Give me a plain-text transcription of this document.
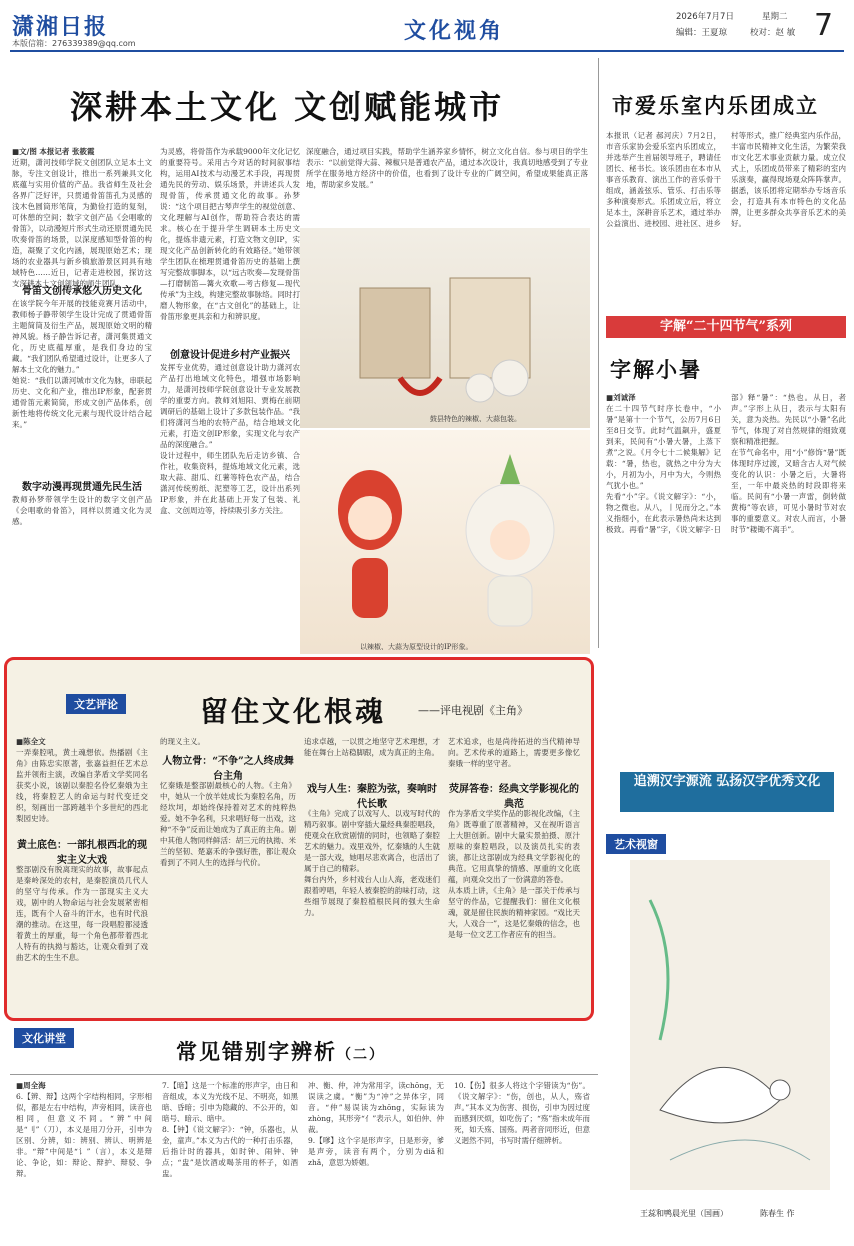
潇湘日报
本版信箱：276339389@qq.com	文化视角
2026年7月7日	星期二
编辑：王夏琼	校对：赵 敏 7
深耕本土文化 文创赋能城市
■文/图 本报记者 张筱霞
近期，潇河技师学院文创团队立足本土文脉，专注文创设计，推出一系列兼具文化底蕴与实用价值的产品。我省师生及社会各界广泛好评，只贯通骨笛笛孔为灵感的浅木色圆筒形笔筒，为勤俭打造的复刻，可休憩的空间；数字文创产品《会唱歌的骨笛》，以动漫短片形式生动还原贯通先民吹奏骨笛的场景，以深度感知型骨笛的构造，凝聚了文化内涵，展现原始艺术；现场的农业器具与新乡镇旅游景区同具有地域特色……近日，记者走进校园，探访这支深耕本土文创领域的师生团队。
骨笛文创传承悠久历史文化
在该学院今年开展的技能竞赛月活动中，教师杨子静带领学生设计完成了贯通骨笛主题简筒及衍生产品，展现原始文明的精神风貌。杨子静告诉记者，潇河集贯通文化，历史底蕴厚重，是我们身边的宝藏。“我们团队希望通过设计，让更多人了解本土文化的魅力。”
她说：“我们以潇河城市文化为脉，串联起历史、文化和产业，推出IP形象，配套贯通骨笛元素简筒，形成文创产品体系，创新性地将传统文化元素与现代设计结合起来。”
数字动漫再现贯通先民生活
教师孙梦带领学生设计的数字文创产品《会唱歌的骨笛》，同样以贯通文化为灵感。
为灵感，将骨笛作为承载9000年文化记忆的重要符号。采用古今对话的时间叙事结构，运用AI技术与动漫艺术手段，再现贯通先民的劳动、娱乐场景，并讲述兵人发现骨笛，传承贯通文化的故事。孙梦说：“这个项目把古琴声学生的视觉创意、文化理解与AI创作，帮助符合表达的需求。核心在于提升学生调研本土历史文化，提炼非遗元素，打造文物文创IP，实现文化产品创新转化的有效路径。”她带领学生团队在梳理贯通骨笛历史的基础上撰写完整故事脚本，以“远古吹奏—发现骨笛—打磨制笛—篝火欢歌—考古修复—现代传承”为主线，构建完整故事脉络。同时打磨人物形象，在“古文创化”的基础上，让骨笛形象更具亲和力和辨识度。
创意设计促进乡村产业振兴
发挥专业优势，通过创意设计助力潇河农产品打出地域文化特色，增强市场影响力，是潇河技师学院创意设计专业发展教学的重要方向。教师刘旭阳、贾梅在前期调研后的基础上设计了多款包装作品。“我们将潇河当地的农特产品，结合地域文化元素，打造文创IP形象，实现文化与农产品的深度融合。”
设计过程中，师生团队先后走访乡镇、合作社，收集资料，提炼地域文化元素，选取大蒜、甜瓜、红薯等特色农产品，结合潇河传统剪纸、泥塑等工艺，设计出系列IP形象，并在此基础上开发了包装、礼盒、文创周边等，持续吸引多方关注。
深度融合，通过项目实践，帮助学生涵养家乡情怀，树立文化自信。参与项目的学生表示：“以前觉得大蒜、辣椒只是普通农产品，通过本次设计，我真切地感受到了专业所学在服务地方经济中的价值，也看到了设计专业的广阔空间，希望成果能真正落地，帮助家乡发展。”
鼓县特色的辣椒、大蒜包装。
以辣椒、大蒜为原型设计的IP形象。
市爱乐室内乐团成立
本报讯（记者 郝河庆）7月2日，市音乐家协会爱乐室内乐团成立，并选举产生首届领导班子，聘请任团长、秘书长。该乐团由在本市从事音乐教育、演出工作的音乐骨干组成，涵盖弦乐、管乐、打击乐等多种演奏形式。乐团成立后，将立足本土，深耕音乐艺术，通过举办公益演出、进校园、进社区、进乡村等形式，推广经典室内乐作品，丰富市民精神文化生活，为繁荣我市文化艺术事业贡献力量。成立仪式上，乐团成员带来了精彩的室内乐演奏，赢得现场观众阵阵掌声。据悉，该乐团将定期举办专场音乐会，打造具有本市特色的文化品牌，让更多群众共享音乐艺术的美好。
字解“二十四节气”系列
字解小暑
■刘诚泽
在二十四节气时序长卷中，“小暑”是第十一个节气，公历7月6日至8日交节。此时气温飙升，盛夏到来，民间有“小暑大暑，上蒸下煮”之说。《月令七十二候集解》记载：“暑，热也，就热之中分为大小，月初为小，月中为大，今则热气犹小也。”
先看“小”字。《说文解字》：“小，物之微也。从八，丨见而分之。”本义指细小，在此表示暑热尚未达到极致。再看“暑”字，《说文解字·日部》释“暑”：“热也。从日，者声。”字形上从日，表示与太阳有关，意为炎热。先民以“小暑”名此节气，体现了对自然规律的细致观察和精准把握。
在节气命名中，用“小”修饰“暑”既体现时序过渡，又暗含古人对气候变化的认识：小暑之后，大暑将至，一年中最炎热的时段即将来临。民间有“小暑一声雷，倒转做黄梅”等农谚，可见小暑时节对农事的重要意义。对农人而言，小暑时节“耧锄不离手”。
追溯汉字源流 弘扬汉字优秀文化
艺术视窗
王蕊和鸭晨光里（国画）	陈春生 作
文艺评论	留住文化根魂	——评电视剧《主角》
■陈全文
一弄秦腔吼，黄土魂想依。热播剧《主角》由陈忠实原著，张嘉益担任艺术总监并领衔主演，改编自茅盾文学奖同名获奖小说，该剧以秦腔名伶忆秦娥为主线，将秦腔艺人的命运与时代变迁交织，刻画出一部跨越半个多世纪的西北梨园史诗。
黄土底色：一部扎根西北的现实主义大戏
整部剧没有脱离现实的故事，故事起点是秦岭深处的农村，是秦腔演员几代人的坚守与传承。作为一部现实主义大戏，剧中的人物命运与社会发展紧密相连，既有个人奋斗的汗水，也有时代浪潮的推动。在这里，每一段唱腔都浸透着黄土的厚重，每一个角色都带着西北人特有的执拗与豁达，让观众看到了戏曲艺术的生生不息。
的现义主义。
人物立骨：“不争”之人终成舞台主角
忆秦娥是整部剧最核心的人物。《主角》中，她从一个放羊娃成长为秦腔名角，历经坎坷，却始终保持着对艺术的纯粹热爱。她不争名利，只求唱好每一出戏，这种“不争”反而让她成为了真正的主角。剧中其他人物同样鲜活：胡三元的执拗、米兰的坚韧、楚嘉禾的争强好胜，都让观众看到了不同人生的选择与代价。
追求卓越，一以贯之地坚守艺术理想，才能在舞台上站稳脚跟，成为真正的主角。
戏与人生：秦腔为弦，奏响时代长歌
《主角》完成了以戏写人、以戏写时代的精巧叙事。剧中穿插大量经典秦腔唱段，使观众在欣赏剧情的同时，也领略了秦腔艺术的魅力。戏里戏外，忆秦娥的人生就是一部大戏，她唱尽悲欢离合，也活出了属于自己的精彩。
舞台内外，乡村戏台人山人海，老戏迷们跟着哼唱，年轻人被秦腔的韵味打动，这些细节展现了秦腔植根民间的强大生命力。
艺术追求，也是尚待拓进的当代精神导向。艺术传承的道路上，需要更多像忆秦娥一样的坚守者。
荧屏答卷：经典文学影视化的典范
作为茅盾文学奖作品的影视化改编，《主角》既尊重了原著精神，又在视听语言上大胆创新。剧中大量实景拍摄、原汁原味的秦腔唱段，以及演员扎实的表演，都让这部剧成为经典文学影视化的典范。它用真挚的情感、厚重的文化底蕴，向观众交出了一份满意的答卷。
从本质上讲，《主角》是一部关于传承与坚守的作品，它提醒我们：留住文化根魂，就是留住民族的精神家园。“戏比天大，人戏合一”，这是忆秦娥的信念，也是每一位文艺工作者应有的担当。
文化讲堂
常见错别字辨析（二）
■周全海
6.【辨、辩】这两个字结构相同，字形相似，都是左右中结构，声旁相同，读音也相同，但意义不同。“辨”中间是“刂”（刀），本义是用刀分开，引申为区别、分辨，如：辨别、辨认、明辨是非。“辩”中间是“讠”（言），本义是辩论、争论，如：辩论、辩护、辩驳、争辩。
7.【暗】这是一个标准的形声字，由日和音组成，本义为光线不足、不明亮，如黑暗、昏暗；引申为隐藏的、不公开的，如暗号、暗示、暗中。
8.【钟】《说文解字》：“钟，乐器也，从金，童声。”本义为古代的一种打击乐器，后指计时的器具，如时钟、闹钟、钟点；“盅”是饮酒或喝茶用的杯子，如酒盅。
冲、衡、仲，冲为常用字，读chōng，无误读之虞。“衡”为“冲”之异体字，同音。“仲”易误读为zhōng，实际读为zhòng，其形旁“亻”表示人，如伯仲、仲裁。
9.【嗲】这个字是形声字，日是形旁，爹是声旁，读音有两个，分别为diǎ和zhǎ，意思为娇媚。
10.【伤】很多人将这个字错读为“伤”。《说文解字》：“伤，创也，从人，殇省声。”其本义为伤害、损伤，引申为因过度而感到厌烦，如吃伤了；“殇”指未成年而死，如夭殇、国殇。两者音同形近，但意义迥然不同，书写时需仔细辨析。
